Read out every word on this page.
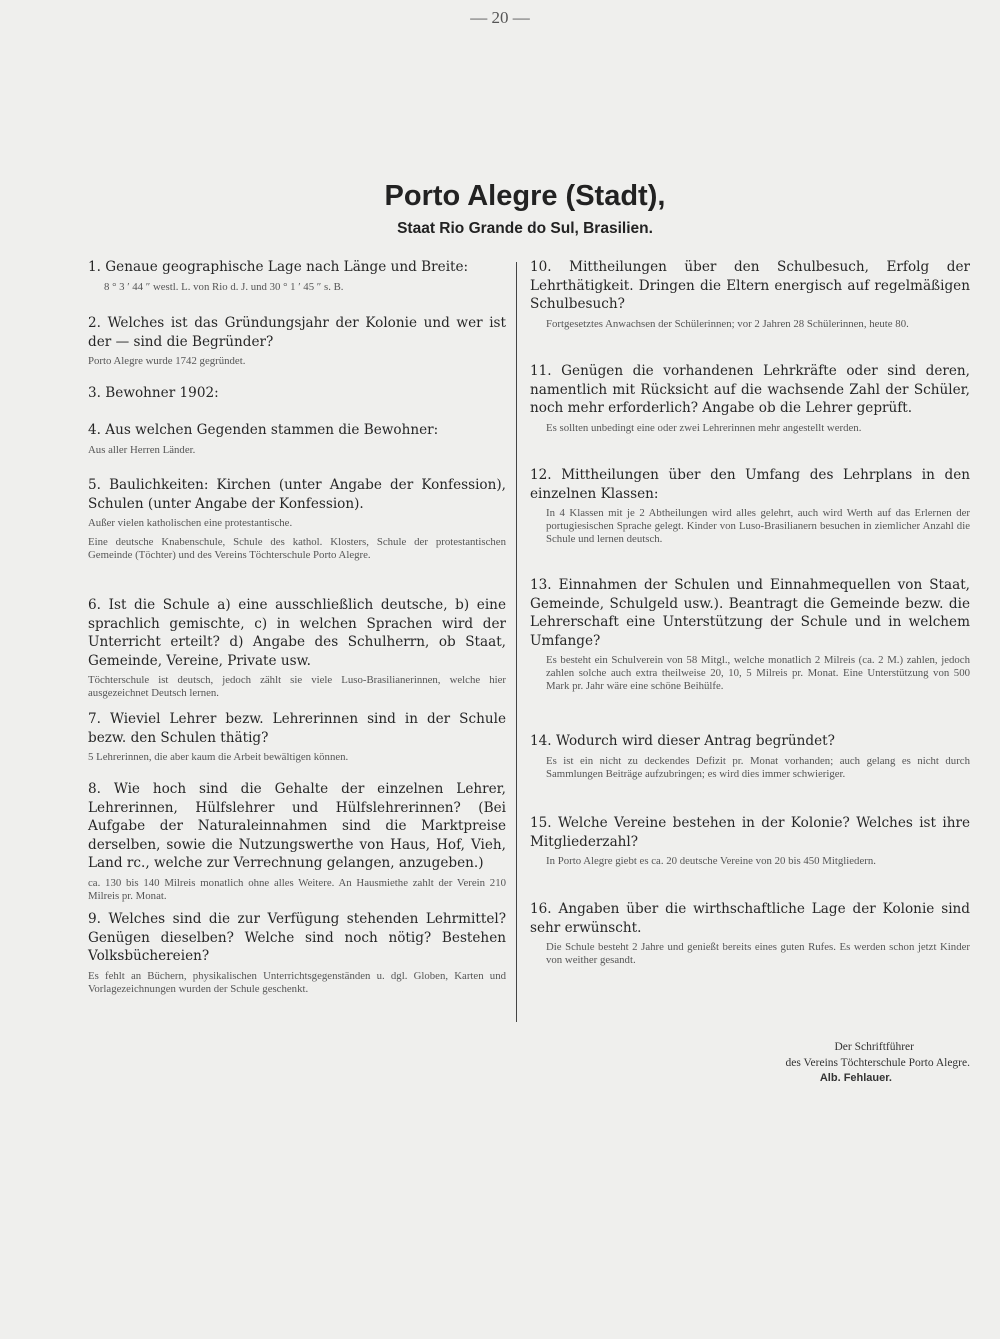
— 20 —
Porto Alegre (Stadt),
Staat Rio Grande do Sul, Brasilien.

1. Genaue geographische Lage nach Länge und Breite:

8 ° 3 ′ 44 ″ westl. L. von Rio d. J. und 30 ° 1 ′ 45 ″ s. B.

2. Welches ist das Gründungsjahr der Kolonie und wer ist der — sind die Begründer?

Porto Alegre wurde 1742 gegründet.

3. Bewohner 1902:

4. Aus welchen Gegenden stammen die Bewohner:

Aus aller Herren Länder.

5. Baulichkeiten: Kirchen (unter Angabe der Konfession), Schulen (unter Angabe der Konfession).

Außer vielen katholischen eine protestantische.

Eine deutsche Knabenschule, Schule des kathol. Klosters, Schule der protestantischen Gemeinde (Töchter) und des Vereins Töchterschule Porto Alegre.

6. Ist die Schule a) eine ausschließlich deutsche, b) eine sprachlich gemischte, c) in welchen Sprachen wird der Unterricht erteilt? d) Angabe des Schulherrn, ob Staat, Gemeinde, Vereine, Private usw.

Töchterschule ist deutsch, jedoch zählt sie viele Luso-Brasilianerinnen, welche hier ausgezeichnet Deutsch lernen.

7. Wieviel Lehrer bezw. Lehrerinnen sind in der Schule bezw. den Schulen thätig?

5 Lehrerinnen, die aber kaum die Arbeit bewältigen können.

8. Wie hoch sind die Gehalte der einzelnen Lehrer, Lehrerinnen, Hülfslehrer und Hülfslehrerinnen? (Bei Aufgabe der Naturaleinnahmen sind die Marktpreise derselben, sowie die Nutzungswerthe von Haus, Hof, Vieh, Land rc., welche zur Verrechnung gelangen, anzugeben.)

ca. 130 bis 140 Milreis monatlich ohne alles Weitere. An Hausmiethe zahlt der Verein 210 Milreis pr. Monat.

9. Welches sind die zur Verfügung stehenden Lehrmittel? Genügen dieselben? Welche sind noch nötig? Bestehen Volksbüchereien?

Es fehlt an Büchern, physikalischen Unterrichtsgegenständen u. dgl. Globen, Karten und Vorlagezeichnungen wurden der Schule geschenkt.

10. Mittheilungen über den Schulbesuch, Erfolg der Lehrthätigkeit. Dringen die Eltern energisch auf regelmäßigen Schulbesuch?

Fortgesetztes Anwachsen der Schülerinnen; vor 2 Jahren 28 Schülerinnen, heute 80.

11. Genügen die vorhandenen Lehrkräfte oder sind deren, namentlich mit Rücksicht auf die wachsende Zahl der Schüler, noch mehr erforderlich? Angabe ob die Lehrer geprüft.

Es sollten unbedingt eine oder zwei Lehrerinnen mehr angestellt werden.

12. Mittheilungen über den Umfang des Lehrplans in den einzelnen Klassen:

In 4 Klassen mit je 2 Abtheilungen wird alles gelehrt, auch wird Werth auf das Erlernen der portugiesischen Sprache gelegt. Kinder von Luso-Brasilianern besuchen in ziemlicher Anzahl die Schule und lernen deutsch.

13. Einnahmen der Schulen und Einnahmequellen von Staat, Gemeinde, Schulgeld usw.). Beantragt die Gemeinde bezw. die Lehrerschaft eine Unterstützung der Schule und in welchem Umfange?

Es besteht ein Schulverein von 58 Mitgl., welche monatlich 2 Milreis (ca. 2 M.) zahlen, jedoch zahlen solche auch extra theilweise 20, 10, 5 Milreis pr. Monat. Eine Unterstützung von 500 Mark pr. Jahr wäre eine schöne Beihülfe.

14. Wodurch wird dieser Antrag begründet?

Es ist ein nicht zu deckendes Defizit pr. Monat vorhanden; auch gelang es nicht durch Sammlungen Beiträge aufzubringen; es wird dies immer schwieriger.

15. Welche Vereine bestehen in der Kolonie? Welches ist ihre Mitgliederzahl?

In Porto Alegre giebt es ca. 20 deutsche Vereine von 20 bis 450 Mitgliedern.

16. Angaben über die wirthschaftliche Lage der Kolonie sind sehr erwünscht.

Die Schule besteht 2 Jahre und genießt bereits eines guten Rufes. Es werden schon jetzt Kinder von weither gesandt.

Der Schriftführer
des Vereins Töchterschule Porto Alegre.
Alb. Fehlauer.
